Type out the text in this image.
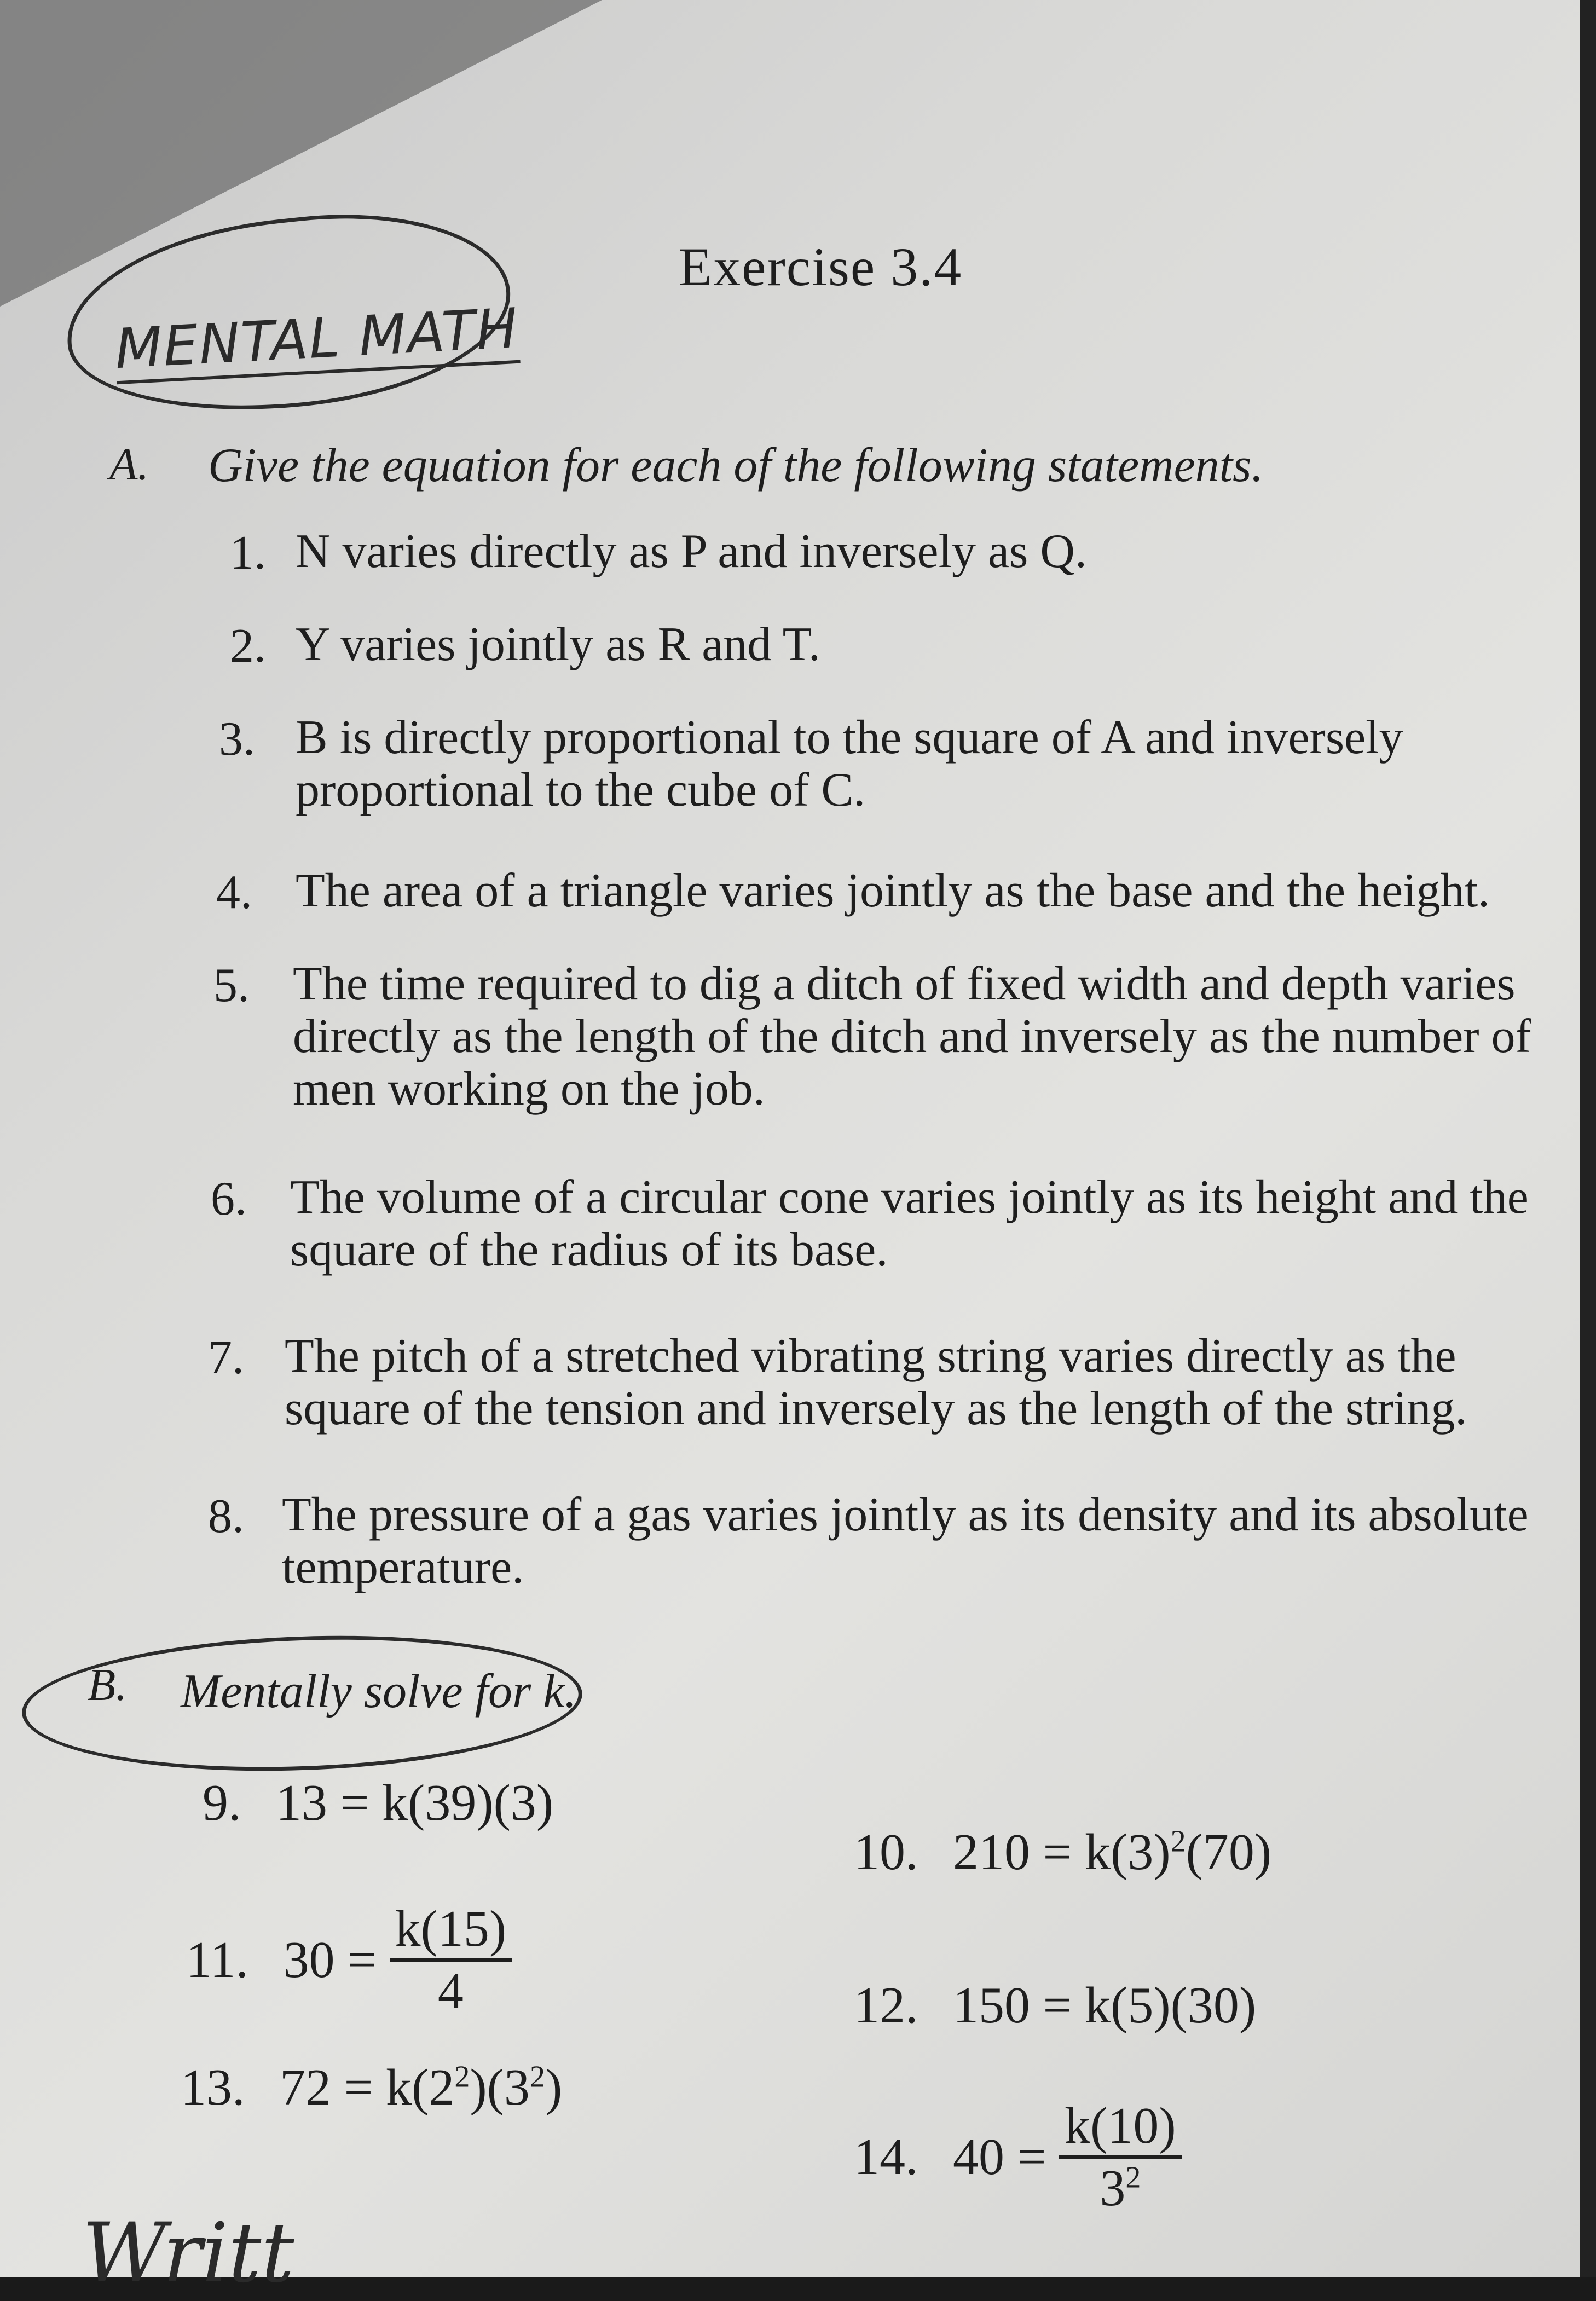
Exercise 3.4
MENTAL MATH
A. Give the equation for each of the following statements.
1. N varies directly as P and inversely as Q.
2. Y varies jointly as R and T.
3. B is directly proportional to the square of A and inversely proportional to the cube of C.
4. The area of a triangle varies jointly as the base and the height.
5. The time required to dig a ditch of fixed width and depth varies directly as the length of the ditch and inversely as the number of men working on the job.
6. The volume of a circular cone varies jointly as its height and the square of the radius of its base.
7. The pitch of a stretched vibrating string varies directly as the square of the tension and inversely as the length of the string.
8. The pressure of a gas varies jointly as its density and its absolute temperature.
B. Mentally solve for k.
9. 13 = k(39)(3)
10. $210 = k(3)^2(70)$
11. $30 = \frac{k(15)}{4}$	12. 150 = k(5)(30)
13. $72 = k(2^2)(3^2)$
14. $40 = \frac{k(10)}{3^2}$
Writt
